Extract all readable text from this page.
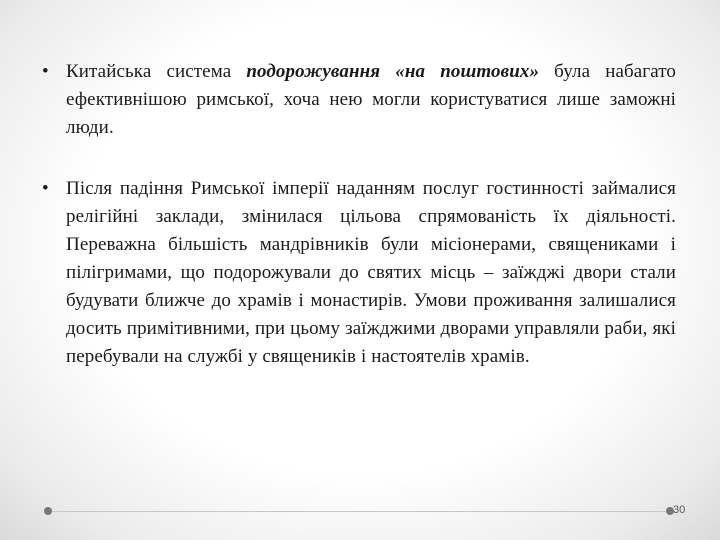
• Китайська система подорожування «на поштових» була набагато ефективнішою римської, хоча нею могли користуватися лише заможні люди.
• Після падіння Римської імперії наданням послуг гостинності займалися релігійні заклади, змінилася цільова спрямованість їх діяльності. Переважна більшість мандрівників були місіонерами, священиками і пілігримами, що подорожували до святих місць – заїжджі двори стали будувати ближче до храмів і монастирів. Умови проживання залишалися досить примітивними, при цьому заїжджими дворами управляли раби, які перебували на службі у священиків і настоятелів храмів.
30
